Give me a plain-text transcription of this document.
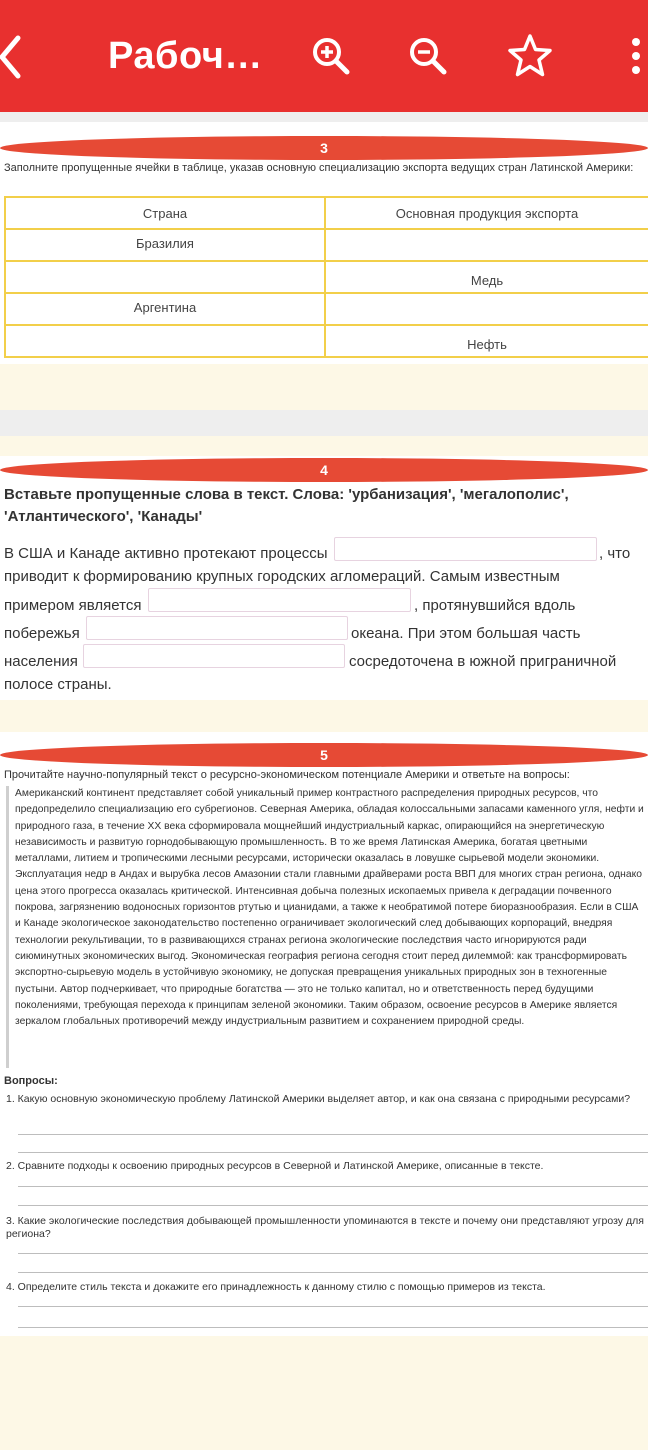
Рабоч…
3
Заполните пропущенные ячейки в таблице, указав основную специализацию экспорта ведущих стран Латинской Америки:
Страна	Основная продукция экспорта
Бразилия	
	Медь
Аргентина	
	Нефть
4
Вставьте пропущенные слова в текст. Слова: 'урбанизация', 'мегалополис', 'Атлантического', 'Канады'
В США и Канаде активно протекают процессы	, что
приводит к формированию крупных городских агломераций. Самым известным
примером является	, протянувшийся вдоль
побережья	океана. При этом большая часть
населения	сосредоточена в южной приграничной
полосе страны.
5
Прочитайте научно-популярный текст о ресурсно-экономическом потенциале Америки и ответьте на вопросы:
Американский континент представляет собой уникальный пример контрастного распределения природных ресурсов, что предопределило специализацию его субрегионов. Северная Америка, обладая колоссальными запасами каменного угля, нефти и природного газа, в течение XX века сформировала мощнейший индустриальный каркас, опирающийся на энергетическую независимость и развитую горнодобывающую промышленность. В то же время Латинская Америка, богатая цветными металлами, литием и тропическими лесными ресурсами, исторически оказалась в ловушке сырьевой модели экономики. Эксплуатация недр в Андах и вырубка лесов Амазонии стали главными драйверами роста ВВП для многих стран региона, однако цена этого прогресса оказалась критической. Интенсивная добыча полезных ископаемых привела к деградации почвенного покрова, загрязнению водоносных горизонтов ртутью и цианидами, а также к необратимой потере биоразнообразия. Если в США и Канаде экологическое законодательство постепенно ограничивает экологический след добывающих корпораций, внедряя технологии рекультивации, то в развивающихся странах региона экологические последствия часто игнорируются ради сиюминутных экономических выгод. Экономическая география региона сегодня стоит перед дилеммой: как трансформировать экспортно-сырьевую модель в устойчивую экономику, не допуская превращения уникальных природных зон в техногенные пустыни. Автор подчеркивает, что природные богатства — это не только капитал, но и ответственность перед будущими поколениями, требующая перехода к принципам зеленой экономики. Таким образом, освоение ресурсов в Америке является зеркалом глобальных противоречий между индустриальным развитием и сохранением природной среды.
Вопросы:
1. Какую основную экономическую проблему Латинской Америки выделяет автор, и как она связана с природными ресурсами?
2. Сравните подходы к освоению природных ресурсов в Северной и Латинской Америке, описанные в тексте.
3. Какие экологические последствия добывающей промышленности упоминаются в тексте и почему они представляют угрозу для региона?
4. Определите стиль текста и докажите его принадлежность к данному стилю с помощью примеров из текста.
